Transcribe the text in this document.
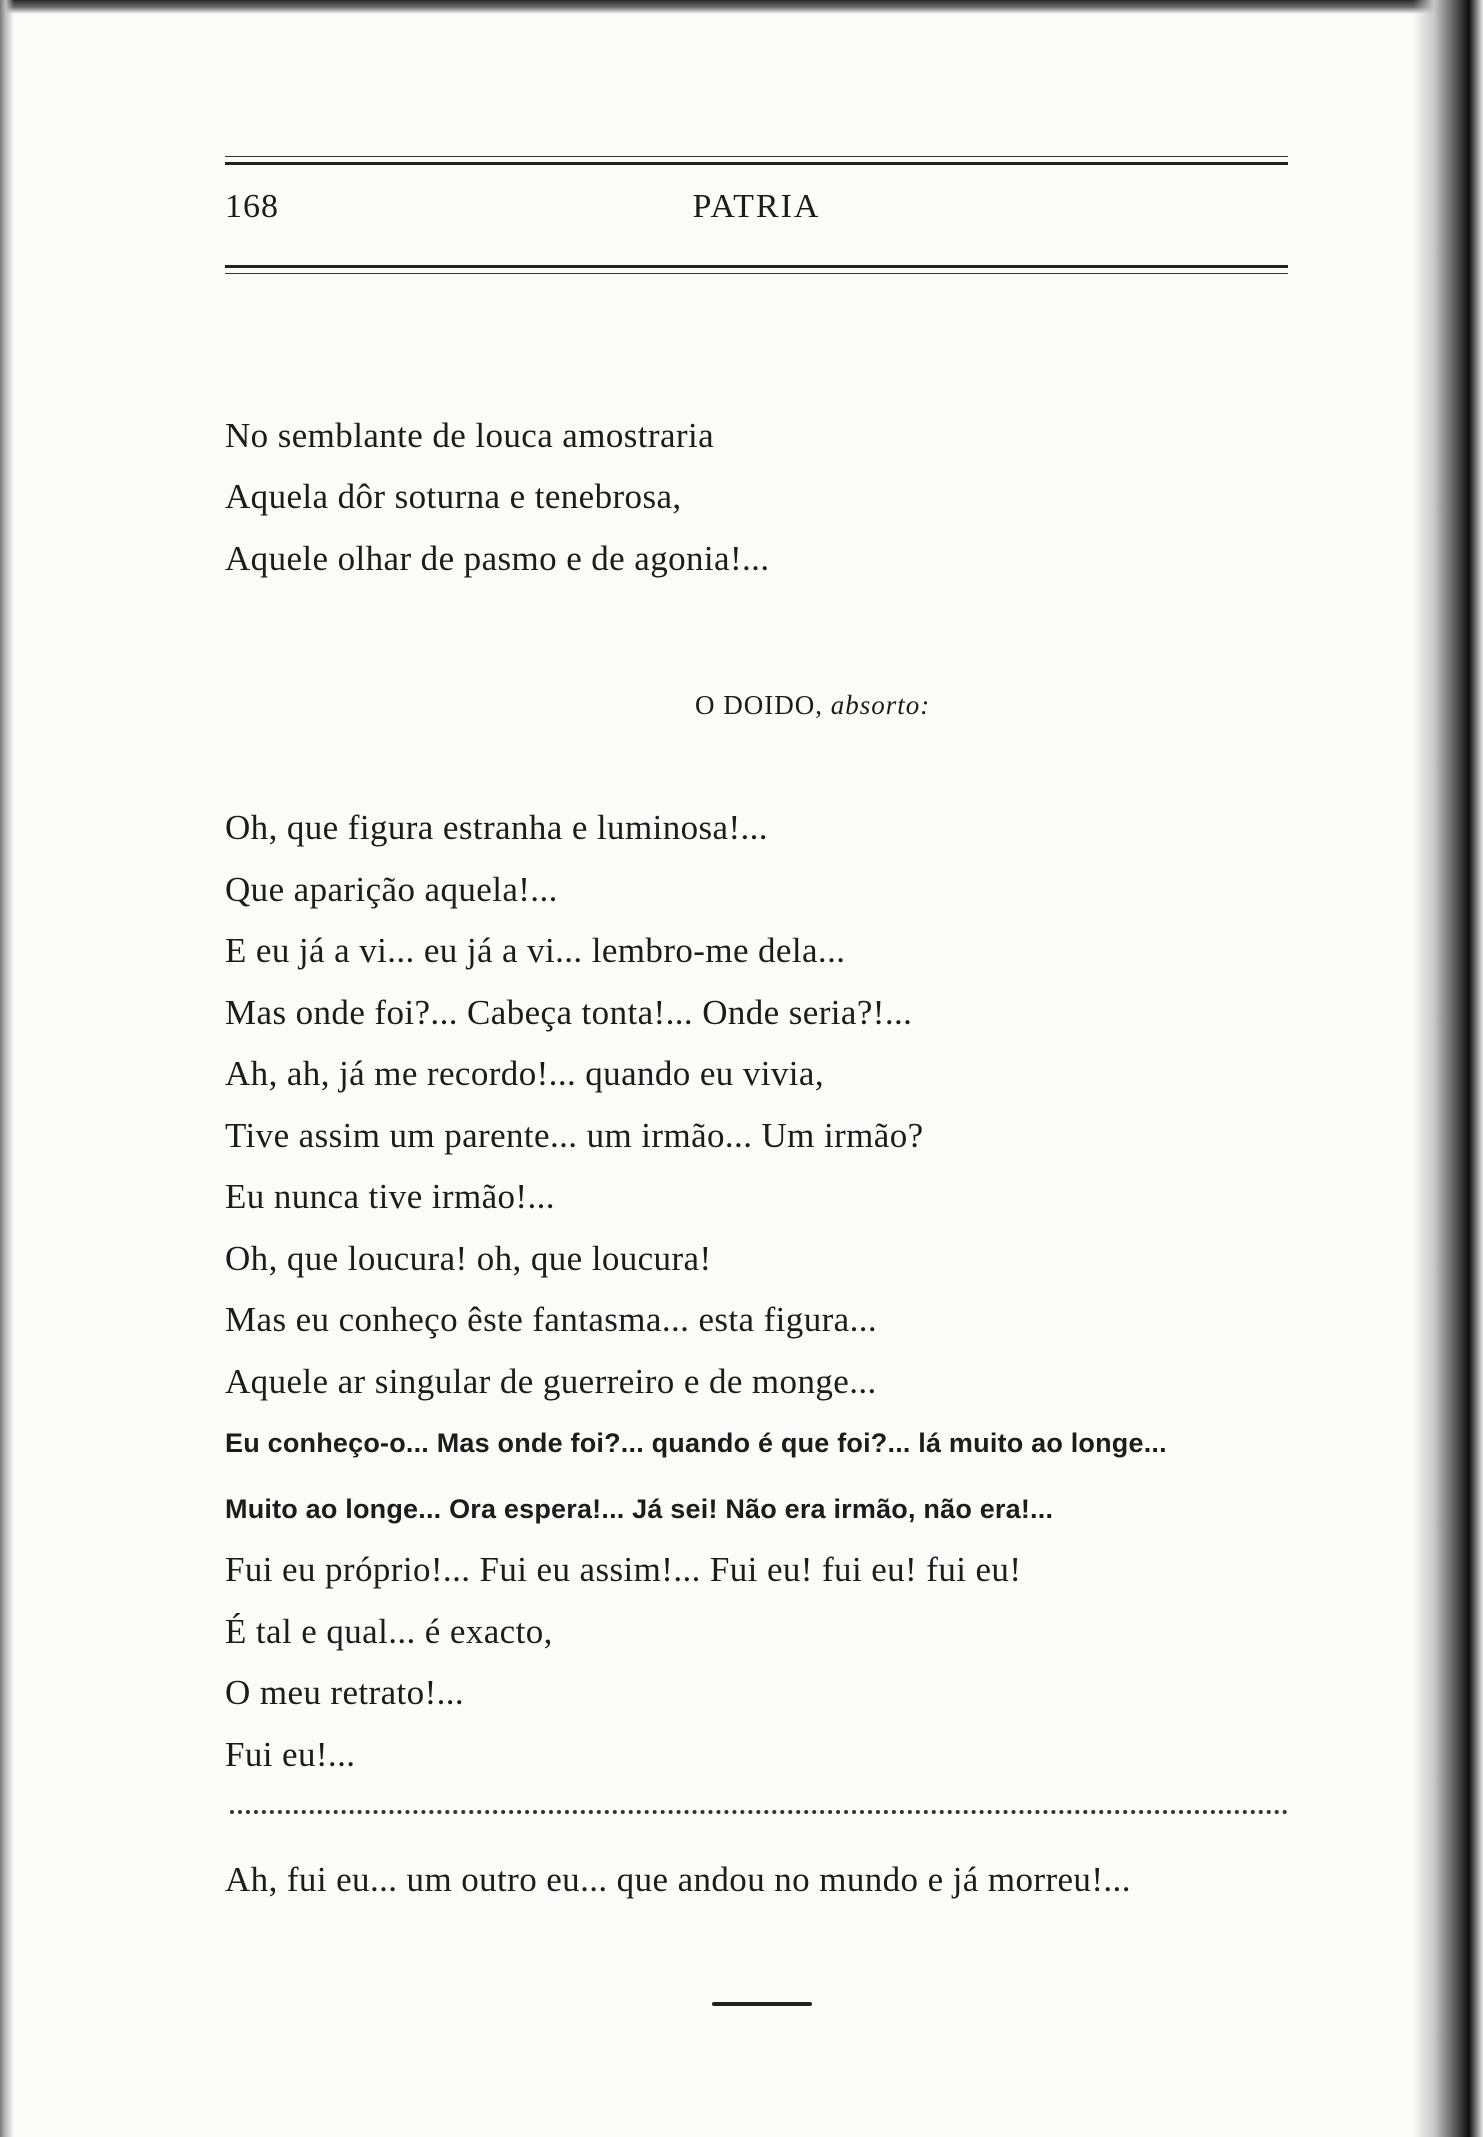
168	PATRIA
No semblante de louca amostraria
Aquela dôr soturna e tenebrosa,
Aquele olhar de pasmo e de agonia!...
O DOIDO, absorto:
Oh, que figura estranha e luminosa!...
Que aparição aquela!...
E eu já a vi... eu já a vi... lembro-me dela...
Mas onde foi?... Cabeça tonta!... Onde seria?!...
Ah, ah, já me recordo!... quando eu vivia,
Tive assim um parente... um irmão... Um irmão?
Eu nunca tive irmão!...
Oh, que loucura! oh, que loucura!
Mas eu conheço êste fantasma... esta figura...
Aquele ar singular de guerreiro e de monge...
Eu conheço-o... Mas onde foi?... quando é que foi?... lá muito ao longe...
Muito ao longe... Ora espera!... Já sei! Não era irmão, não era!...
Fui eu próprio!... Fui eu assim!... Fui eu! fui eu! fui eu!
É tal e qual... é exacto,
O meu retrato!...
Fui eu!...
Ah, fui eu... um outro eu... que andou no mundo e já morreu!...
